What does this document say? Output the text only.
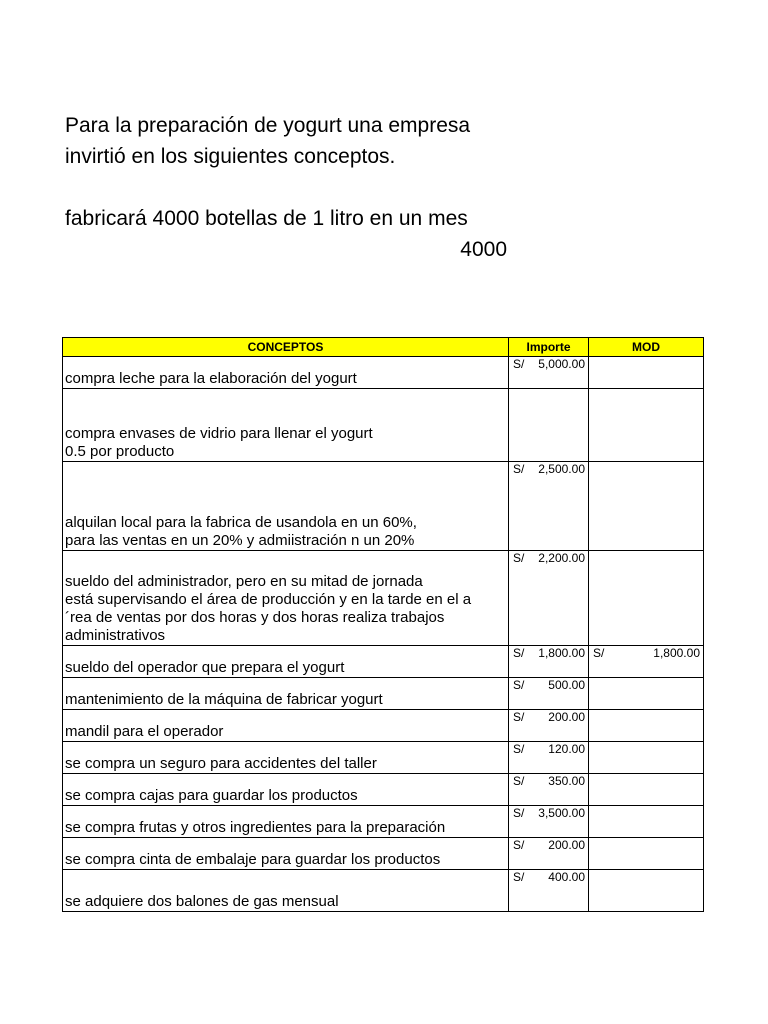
Para la preparación de yogurt una empresa

invirtió en los siguientes conceptos.

fabricará 4000 botellas de 1 litro en un mes

4000

CONCEPTOS	Importe	MOD
compra leche para la elaboración del yogurt	S/ 5,000.00	

compra envases de vidrio para llenar el yogurt
0.5 por producto	

alquilan local para la fabrica de usandola en un 60%,
para las ventas en un 20% y admiistración n un 20%	S/ 2,500.00	

sueldo del administrador, pero en su mitad de jornada
está supervisando el área de producción y en la tarde en el a
´rea de ventas por dos horas y dos horas realiza trabajos
administrativos	S/ 2,200.00	

sueldo del operador que prepara el yogurt	S/ 1,800.00	S/ 1,800.00

mantenimiento de la máquina de fabricar yogurt	S/ 500.00	

mandil para el operador	S/ 200.00	

se compra un seguro para accidentes del taller	S/ 120.00	

se compra cajas para guardar los productos	S/ 350.00	

se compra frutas y otros ingredientes para la preparación	S/ 3,500.00	

se compra cinta de embalaje para guardar los productos	S/ 200.00	

se adquiere dos balones de gas mensual	S/ 400.00	
